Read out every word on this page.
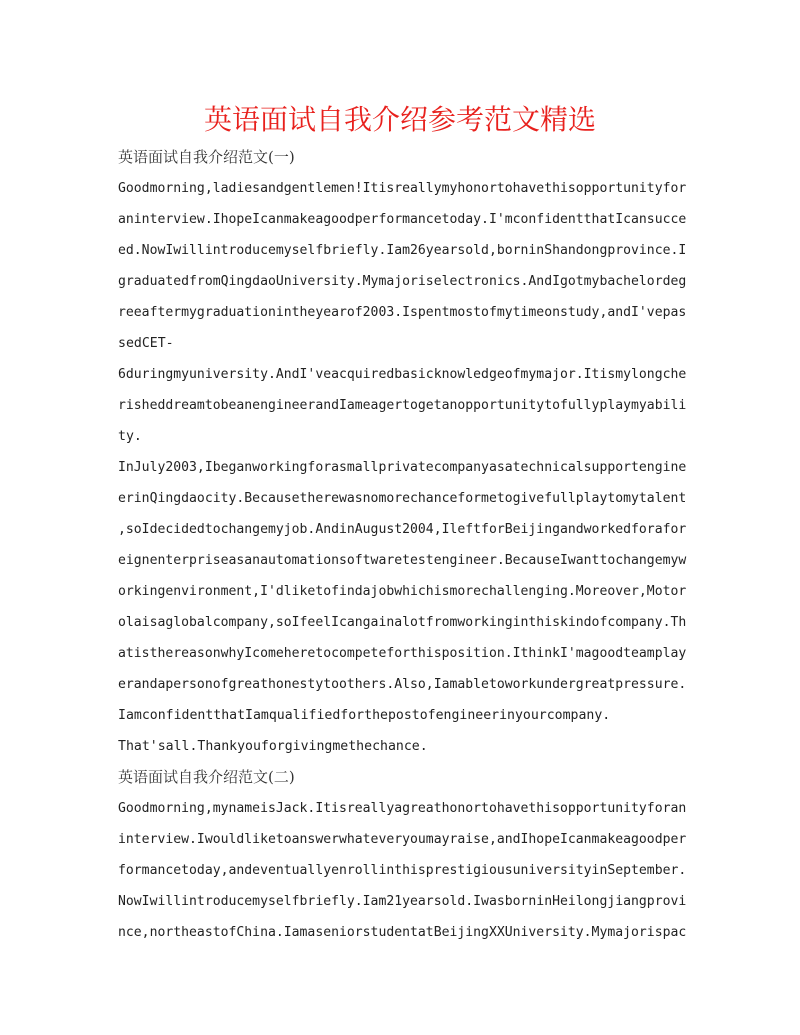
英语面试自我介绍参考范文精选
英语面试自我介绍范文(一)
Goodmorning,ladiesandgentlemen!Itisreallymyhonortohavethisopportunityfor
aninterview.IhopeIcanmakeagoodperformancetoday.I'mconfidentthatIcansucce
ed.NowIwillintroducemyselfbriefly.Iam26yearsold,borninShandongprovince.I
graduatedfromQingdaoUniversity.Mymajoriselectronics.AndIgotmybachelordeg
reeaftermygraduationintheyearof2003.Ispentmostofmytimeonstudy,andI'vepas
sedCET-
6duringmyuniversity.AndI'veacquiredbasicknowledgeofmymajor.Itismylongche
risheddreamtobeanengineerandIameagertogetanopportunitytofullyplaymyabili
ty.
InJuly2003,Ibeganworkingforasmallprivatecompanyasatechnicalsupportengine
erinQingdaocity.Becausetherewasnomorechanceformetogivefullplaytomytalent
,soIdecidedtochangemyjob.AndinAugust2004,IleftforBeijingandworkedforafor
eignenterpriseasanautomationsoftwaretestengineer.BecauseIwanttochangemyw
orkingenvironment,I'dliketofindajobwhichismorechallenging.Moreover,Motor
olaisaglobalcompany,soIfeelIcangainalotfromworkinginthiskindofcompany.Th
atisthereasonwhyIcomeheretocompeteforthisposition.IthinkI'magoodteamplay
erandapersonofgreathonestytoothers.Also,Iamabletoworkundergreatpressure.
IamconfidentthatIamqualifiedforthepostofengineerinyourcompany.
That'sall.Thankyouforgivingmethechance.
英语面试自我介绍范文(二)
Goodmorning,mynameisJack.Itisreallyagreathonortohavethisopportunityforan
interview.Iwouldliketoanswerwhateveryoumayraise,andIhopeIcanmakeagoodper
formancetoday,andeventuallyenrollinthisprestigiousuniversityinSeptember.
NowIwillintroducemyselfbriefly.Iam21yearsold.IwasborninHeilongjiangprovi
nce,northeastofChina.IamaseniorstudentatBeijingXXUniversity.Mymajorispac
